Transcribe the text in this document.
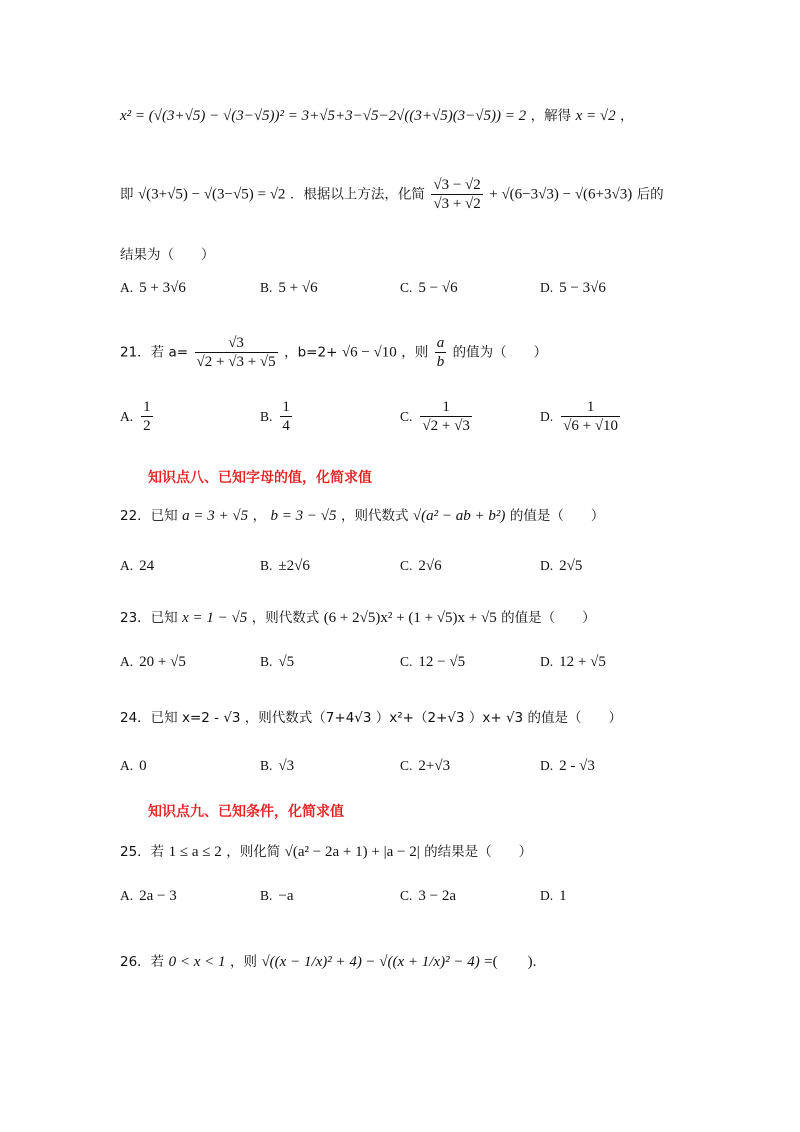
x² = (√(3+√5) − √(3−√5))² = 3+√5+3−√5−2√((3+√5)(3−√5)) = 2 ，解得 x = √2 ，
即 √(3+√5) − √(3−√5) = √2 ．根据以上方法，化简 $\frac{√3 - √2}{√3 + √2} + √(6-3√3) - √(6+3√3)$ 后的
结果为（　　）
A. 5 + 3√6	B. 5 + √6	C. 5 − √6	D. 5 − 3√6
21．若 $a= \frac{√3}{√2 + √3 + √5}$ ，b=2+ √6 − √10 ，则 $\frac{a}{b}$ 的值为（　　）
A. $\frac{1}{2}$	B. $\frac{1}{4}$	C. $\frac{1}{√2 + √3}$	D. $\frac{1}{√6 + √10}$
知识点八、已知字母的值，化简求值
22．已知 a = 3 + √5 ， b = 3 − √5 ，则代数式 √(a² − ab + b²) 的值是（　　）
A. 24	B. ±2√6	C. 2√6	D. 2√5
23．已知 x = 1 − √5 ，则代数式 (6 + 2√5)x² + (1 + √5)x + √5 的值是（　　）
A. 20 + √5	B. √5	C. 12 − √5	D. 12 + √5
24．已知 x=2 - √3 ，则代数式（7+4√3 ）x²+（2+√3 ）x+ √3 的值是（　　）
A. 0	B. √3	C. 2+√3	D. 2 - √3
知识点九、已知条件，化简求值
25．若 1 ≤ a ≤ 2 ，则化简 √(a² − 2a + 1) + |a − 2| 的结果是（　　）
A. 2a − 3	B. −a	C. 3 − 2a	D. 1
26．若 0 < x < 1 ，则 √((x − 1/x)² + 4) − √((x + 1/x)² − 4) =(　　).
